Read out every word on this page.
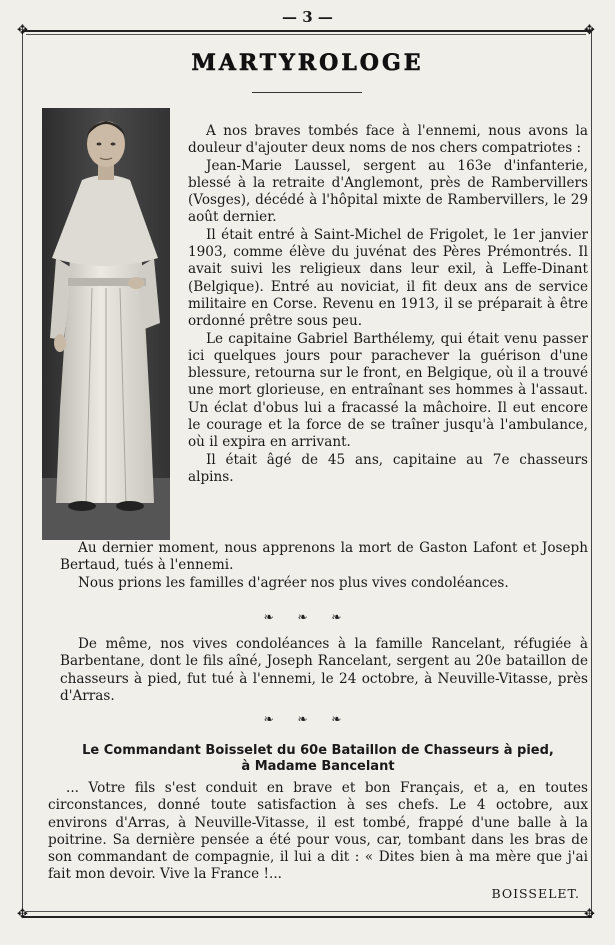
— 3 —
✥	✥
✥	✥
MARTYROLOGE

A nos braves tombés face à l'ennemi, nous avons la douleur d'ajouter deux noms de nos chers compatriotes :

Jean-Marie Laussel, sergent au 163e d'infanterie, blessé à la retraite d'Anglemont, près de Rambervillers (Vosges), décédé à l'hôpital mixte de Rambervillers, le 29 août dernier.

Il était entré à Saint-Michel de Frigolet, le 1er janvier 1903, comme élève du juvénat des Pères Prémontrés. Il avait suivi les religieux dans leur exil, à Leffe-Dinant (Belgique). Entré au noviciat, il fit deux ans de service militaire en Corse. Revenu en 1913, il se préparait à être ordonné prêtre sous peu.

Le capitaine Gabriel Barthélemy, qui était venu passer ici quelques jours pour parachever la guérison d'une blessure, retourna sur le front, en Belgique, où il a trouvé une mort glorieuse, en entraînant ses hommes à l'assaut. Un éclat d'obus lui a fracassé la mâchoire. Il eut encore le courage et la force de se traîner jusqu'à l'ambulance, où il expira en arrivant.

Il était âgé de 45 ans, capitaine au 7e chasseurs alpins.

Au dernier moment, nous apprenons la mort de Gaston Lafont et Joseph Bertaud, tués à l'ennemi.

Nous prions les familles d'agréer nos plus vives condoléances.

❧ ❧ ❧

De même, nos vives condoléances à la famille Rancelant, réfugiée à Barbentane, dont le fils aîné, Joseph Rancelant, sergent au 20e bataillon de chasseurs à pied, fut tué à l'ennemi, le 24 octobre, à Neuville-Vitasse, près d'Arras.

❧ ❧ ❧
Le Commandant Boisselet du 60e Bataillon de Chasseurs à pied,
à Madame Bancelant

... Votre fils s'est conduit en brave et bon Français, et a, en toutes circonstances, donné toute satisfaction à ses chefs. Le 4 octobre, aux environs d'Arras, à Neuville-Vitasse, il est tombé, frappé d'une balle à la poitrine. Sa dernière pensée a été pour vous, car, tombant dans les bras de son commandant de compagnie, il lui a dit : « Dites bien à ma mère que j'ai fait mon devoir. Vive la France !...

BOISSELET.
